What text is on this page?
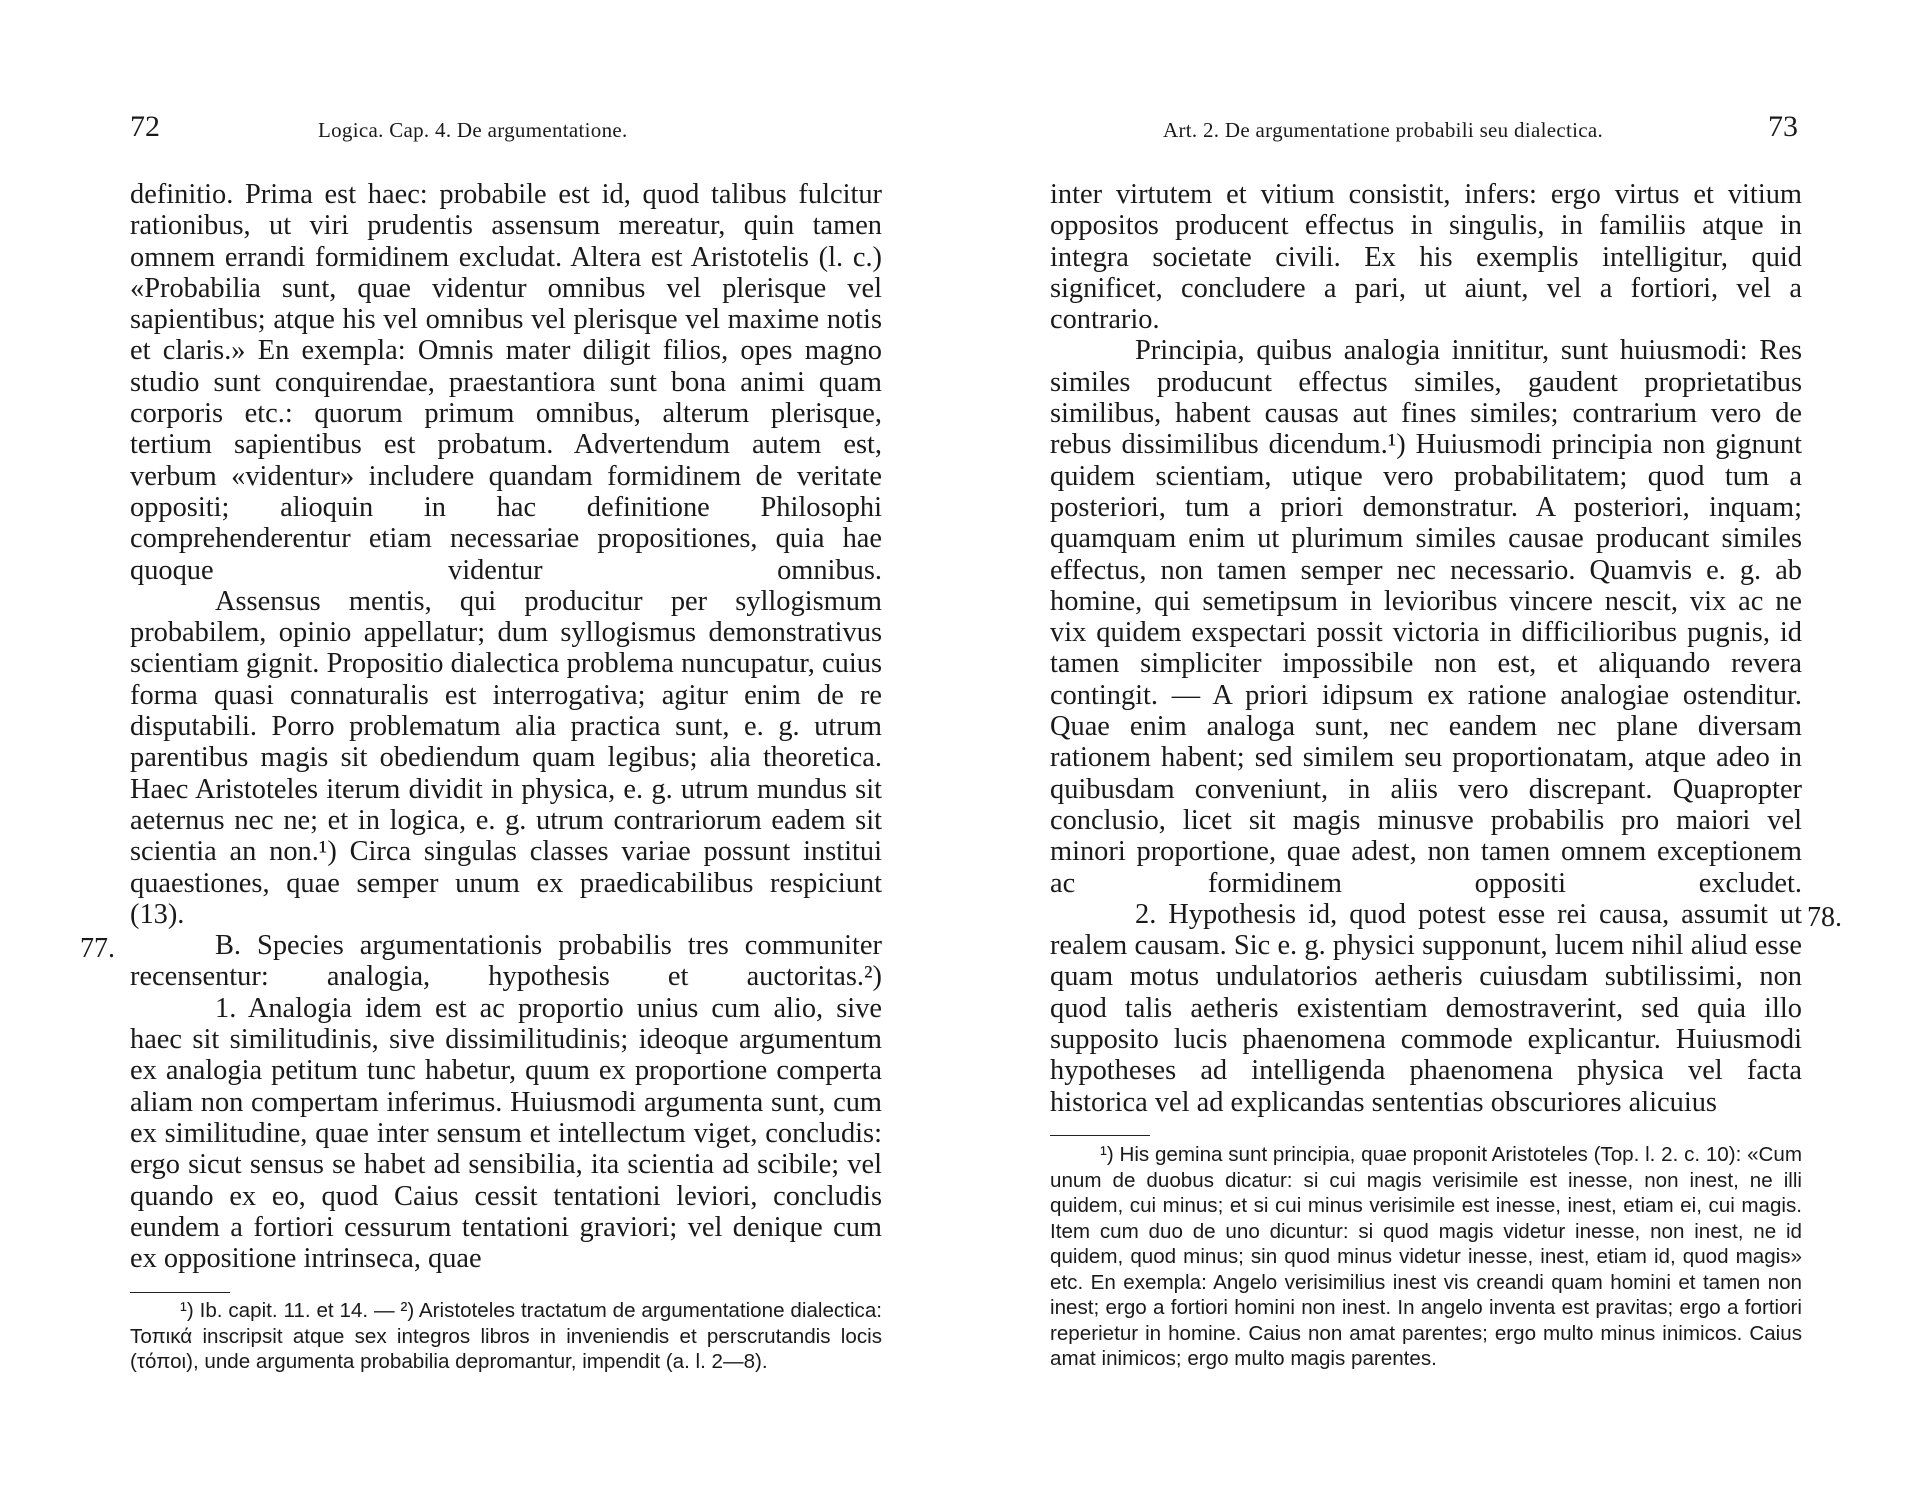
72	Logica. Cap. 4. De argumentatione.

definitio. Prima est haec: probabile est id, quod talibus fulcitur rationibus, ut viri prudentis assensum mereatur, quin tamen omnem errandi formidinem excludat. Altera est Aristotelis (l. c.) «Probabilia sunt, quae videntur omnibus vel plerisque vel sapientibus; atque his vel omnibus vel plerisque vel maxime notis et claris.» En exempla: Omnis mater diligit filios, opes magno studio sunt conquirendae, praestantiora sunt bona animi quam corporis etc.: quorum primum omnibus, alterum plerisque, tertium sapientibus est probatum. Advertendum autem est, verbum «videntur» includere quandam formidinem de veritate oppositi; alioquin in hac definitione Philosophi comprehenderentur etiam necessariae propositiones, quia hae quoque videntur omnibus.

Assensus mentis, qui producitur per syllogismum probabilem, opinio appellatur; dum syllogismus demonstrativus scientiam gignit. Propositio dialectica problema nuncupatur, cuius forma quasi connaturalis est interrogativa; agitur enim de re disputabili. Porro problematum alia practica sunt, e. g. utrum parentibus magis sit obediendum quam legibus; alia theoretica. Haec Aristoteles iterum dividit in physica, e. g. utrum mundus sit aeternus nec ne; et in logica, e. g. utrum contrariorum eadem sit scientia an non.¹) Circa singulas classes variae possunt institui quaestiones, quae semper unum ex praedicabilibus respiciunt (13).

B. Species argumentationis probabilis tres communiter recensentur: analogia, hypothesis et auctoritas.²)

1. Analogia idem est ac proportio unius cum alio, sive haec sit similitudinis, sive dissimilitudinis; ideoque argumentum ex analogia petitum tunc habetur, quum ex proportione comperta aliam non compertam inferimus. Huiusmodi argumenta sunt, cum ex similitudine, quae inter sensum et intellectum viget, concludis: ergo sicut sensus se habet ad sensibilia, ita scientia ad scibile; vel quando ex eo, quod Caius cessit tentationi leviori, concludis eundem a fortiori cessurum tentationi graviori; vel denique cum ex oppositione intrinseca, quae

77.

¹) Ib. capit. 11. et 14. — ²) Aristoteles tractatum de argumentatione dialectica: Τοπικά inscripsit atque sex integros libros in inveniendis et perscrutandis locis (τόποι), unde argumenta probabilia depromantur, impendit (a. l. 2—8).

Art. 2. De argumentatione probabili seu dialectica.	73

inter virtutem et vitium consistit, infers: ergo virtus et vitium oppositos producent effectus in singulis, in familiis atque in integra societate civili. Ex his exemplis intelligitur, quid significet, concludere a pari, ut aiunt, vel a fortiori, vel a contrario.

Principia, quibus analogia innititur, sunt huiusmodi: Res similes producunt effectus similes, gaudent proprietatibus similibus, habent causas aut fines similes; contrarium vero de rebus dissimilibus dicendum.¹) Huiusmodi principia non gignunt quidem scientiam, utique vero probabilitatem; quod tum a posteriori, tum a priori demonstratur. A posteriori, inquam; quamquam enim ut plurimum similes causae producant similes effectus, non tamen semper nec necessario. Quamvis e. g. ab homine, qui semetipsum in levioribus vincere nescit, vix ac ne vix quidem exspectari possit victoria in difficilioribus pugnis, id tamen simpliciter impossibile non est, et aliquando revera contingit. — A priori idipsum ex ratione analogiae ostenditur. Quae enim analoga sunt, nec eandem nec plane diversam rationem habent; sed similem seu proportionatam, atque adeo in quibusdam conveniunt, in aliis vero discrepant. Quapropter conclusio, licet sit magis minusve probabilis pro maiori vel minori proportione, quae adest, non tamen omnem exceptionem ac formidinem oppositi excludet.

2. Hypothesis id, quod potest esse rei causa, assumit ut realem causam. Sic e. g. physici supponunt, lucem nihil aliud esse quam motus undulatorios aetheris cuiusdam subtilissimi, non quod talis aetheris existentiam demostraverint, sed quia illo supposito lucis phaenomena commode explicantur. Huiusmodi hypotheses ad intelligenda phaenomena physica vel facta historica vel ad explicandas sententias obscuriores alicuius

78.

¹) His gemina sunt principia, quae proponit Aristoteles (Top. l. 2. c. 10): «Cum unum de duobus dicatur: si cui magis verisimile est inesse, non inest, ne illi quidem, cui minus; et si cui minus verisimile est inesse, inest, etiam ei, cui magis. Item cum duo de uno dicuntur: si quod magis videtur inesse, non inest, ne id quidem, quod minus; sin quod minus videtur inesse, inest, etiam id, quod magis» etc. En exempla: Angelo verisimilius inest vis creandi quam homini et tamen non inest; ergo a fortiori homini non inest. In angelo inventa est pravitas; ergo a fortiori reperietur in homine. Caius non amat parentes; ergo multo minus inimicos. Caius amat inimicos; ergo multo magis parentes.
